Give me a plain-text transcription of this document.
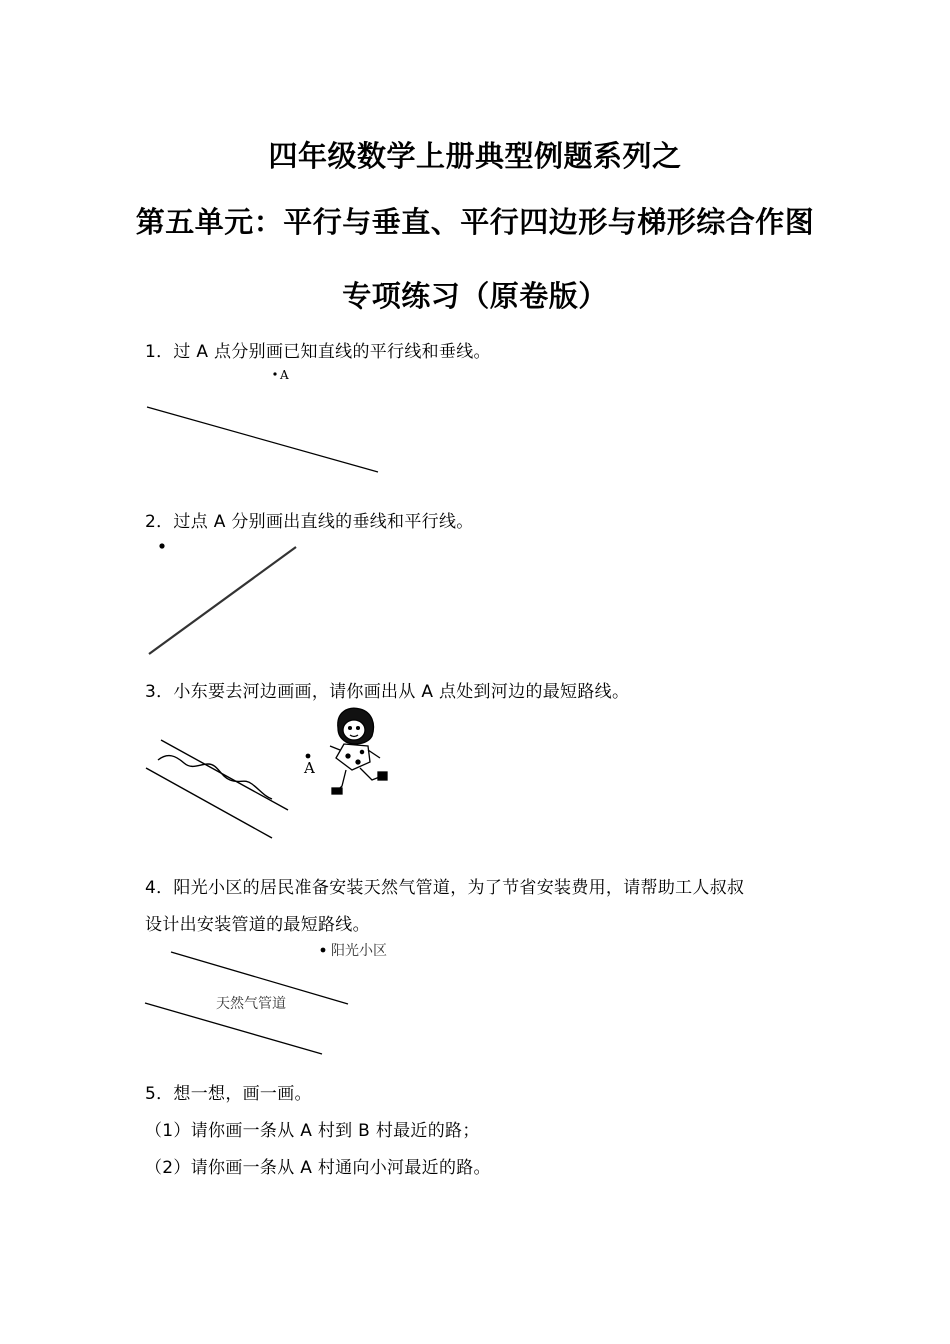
四年级数学上册典型例题系列之
第五单元：平行与垂直、平行四边形与梯形综合作图
专项练习（原卷版）
1．过 A 点分别画已知直线的平行线和垂线。
A
2．过点 A 分别画出直线的垂线和平行线。
3．小东要去河边画画，请你画出从 A 点处到河边的最短路线。
A
4．阳光小区的居民准备安装天然气管道，为了节省安装费用，请帮助工人叔叔
设计出安装管道的最短路线。
阳光小区
天然气管道
5．想一想，画一画。
（1）请你画一条从 A 村到 B 村最近的路；
（2）请你画一条从 A 村通向小河最近的路。
